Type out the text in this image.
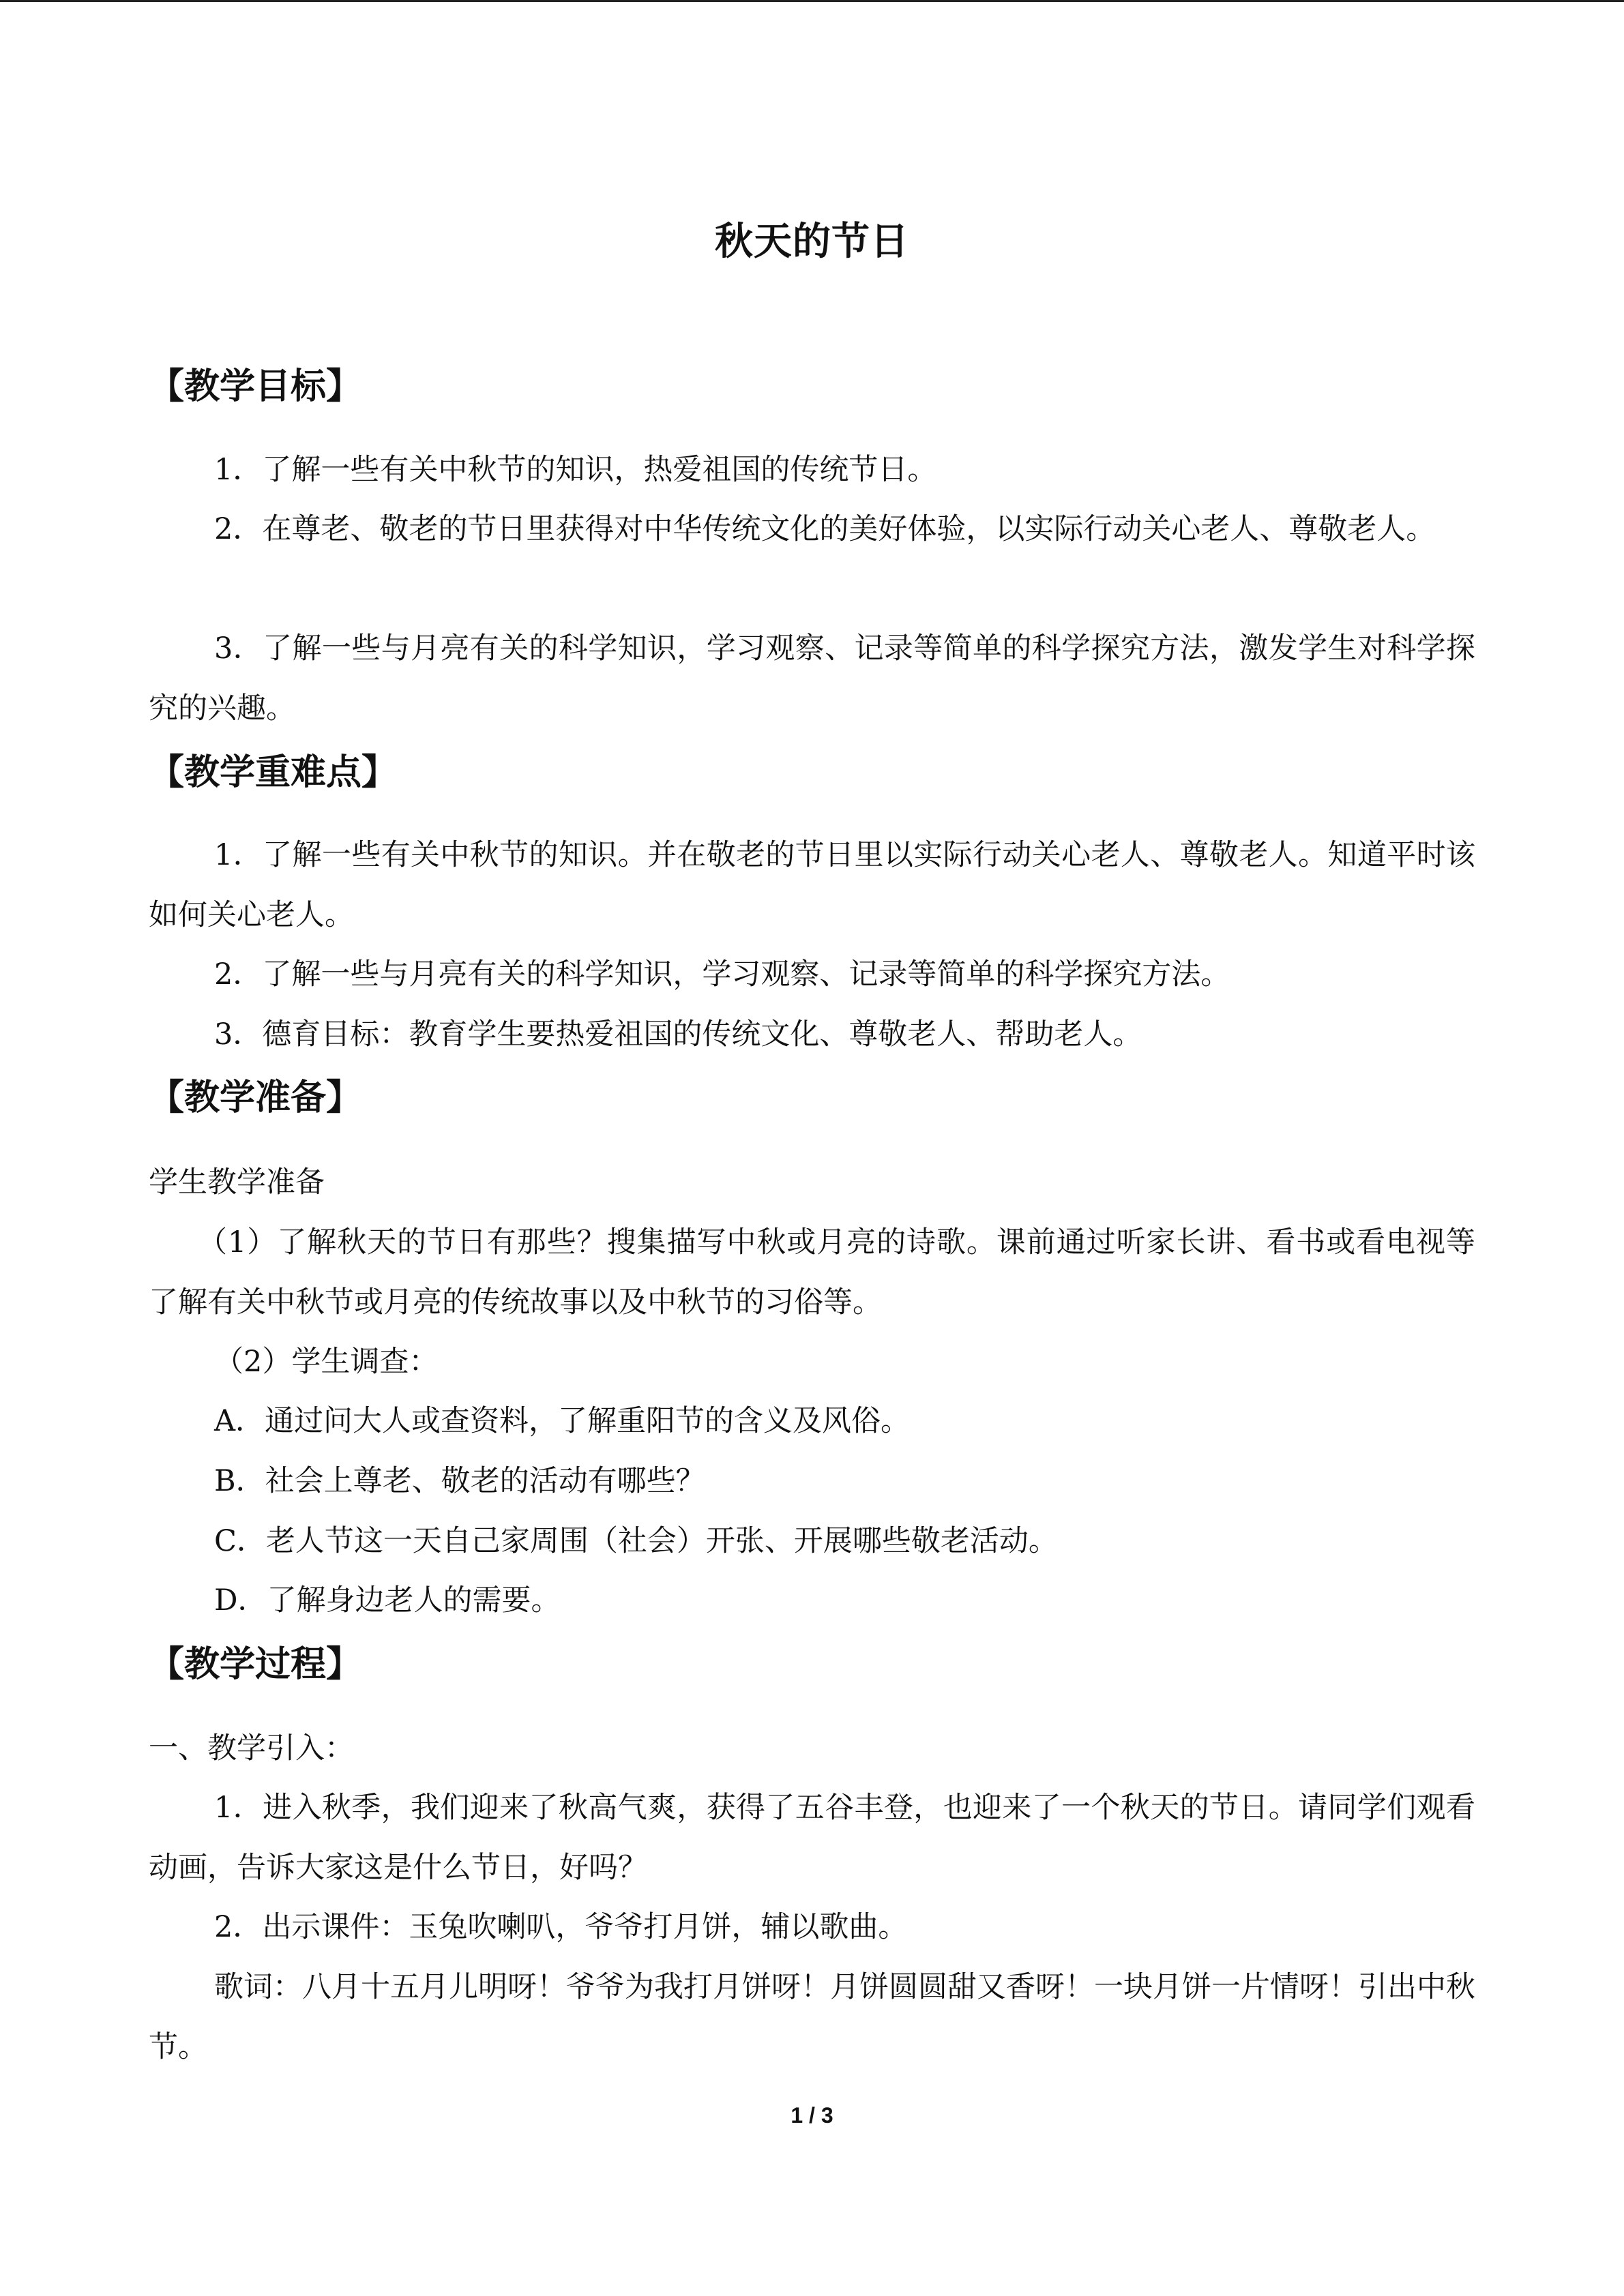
秋天的节日
【教学目标】
1．了解一些有关中秋节的知识，热爱祖国的传统节日。
2．在尊老、敬老的节日里获得对中华传统文化的美好体验，以实际行动关心老人、尊敬老人。
3．了解一些与月亮有关的科学知识，学习观察、记录等简单的科学探究方法，激发学生对科学探究的兴趣。
【教学重难点】
1．了解一些有关中秋节的知识。并在敬老的节日里以实际行动关心老人、尊敬老人。知道平时该如何关心老人。
2．了解一些与月亮有关的科学知识，学习观察、记录等简单的科学探究方法。
3．德育目标：教育学生要热爱祖国的传统文化、尊敬老人、帮助老人。
【教学准备】
学生教学准备
（1）了解秋天的节日有那些？搜集描写中秋或月亮的诗歌。课前通过听家长讲、看书或看电视等了解有关中秋节或月亮的传统故事以及中秋节的习俗等。
（2）学生调查：
A．通过问大人或查资料，了解重阳节的含义及风俗。
B．社会上尊老、敬老的活动有哪些？
C．老人节这一天自己家周围（社会）开张、开展哪些敬老活动。
D．了解身边老人的需要。
【教学过程】
一、教学引入：
1．进入秋季，我们迎来了秋高气爽，获得了五谷丰登，也迎来了一个秋天的节日。请同学们观看动画，告诉大家这是什么节日，好吗？
2．出示课件：玉兔吹喇叭，爷爷打月饼，辅以歌曲。
歌词：八月十五月儿明呀！爷爷为我打月饼呀！月饼圆圆甜又香呀！一块月饼一片情呀！引出中秋节。
1 / 3
